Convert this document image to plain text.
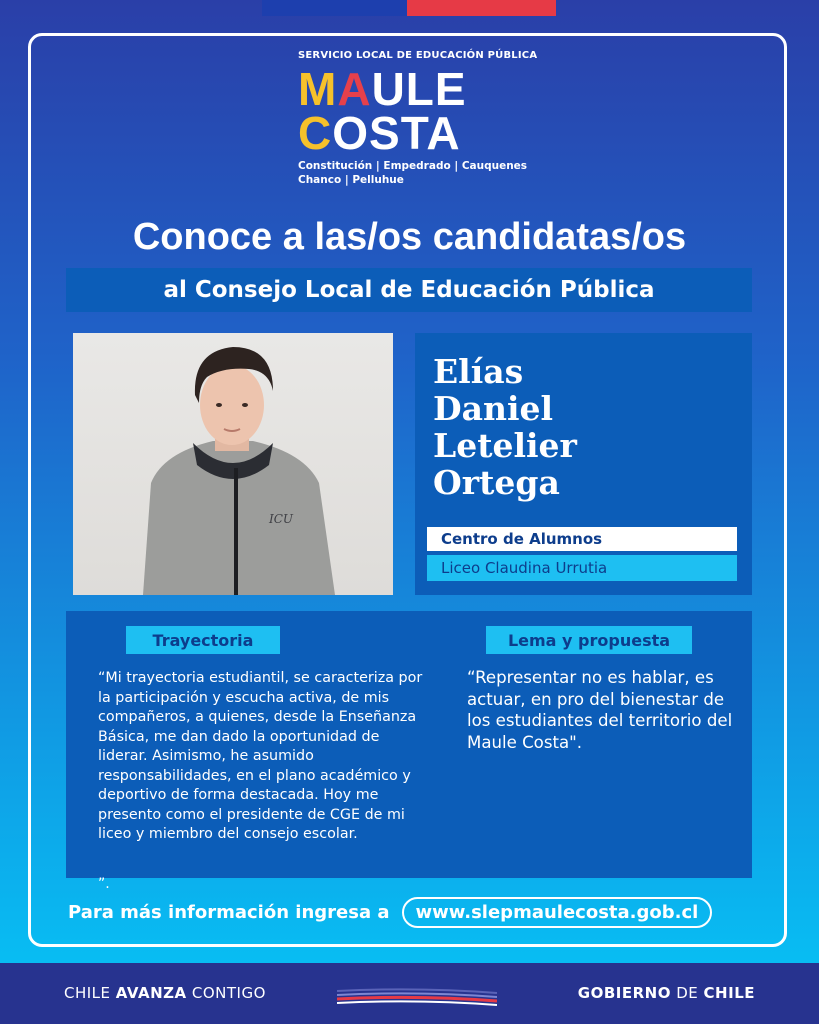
SERVICIO LOCAL DE EDUCACIÓN PÚBLICA
MAULE
COSTA
Constitución | Empedrado | Cauquenes
Chanco | Pelluhue
Conoce a las/os candidatas/os
al Consejo Local de Educación Pública
ICU
Elías
Daniel
Letelier
Ortega
Centro de Alumnos
Liceo Claudina Urrutia
Trayectoria	Lema y propuesta
“Mi trayectoria estudiantil, se caracteriza por la participación y escucha activa, de mis compañeros, a quienes, desde la Enseñanza Básica, me dan dado la oportunidad de liderar. Asimismo, he asumido responsabilidades, en el plano académico y deportivo de forma destacada. Hoy me presento como el presidente de CGE de mi liceo y miembro del consejo escolar.
“Representar no es hablar, es actuar, en pro del bienestar de los estudiantes del territorio del Maule Costa".
”.
Para más información ingresa a	www.slepmaulecosta.gob.cl
CHILE AVANZA CONTIGO	GOBIERNO DE CHILE
